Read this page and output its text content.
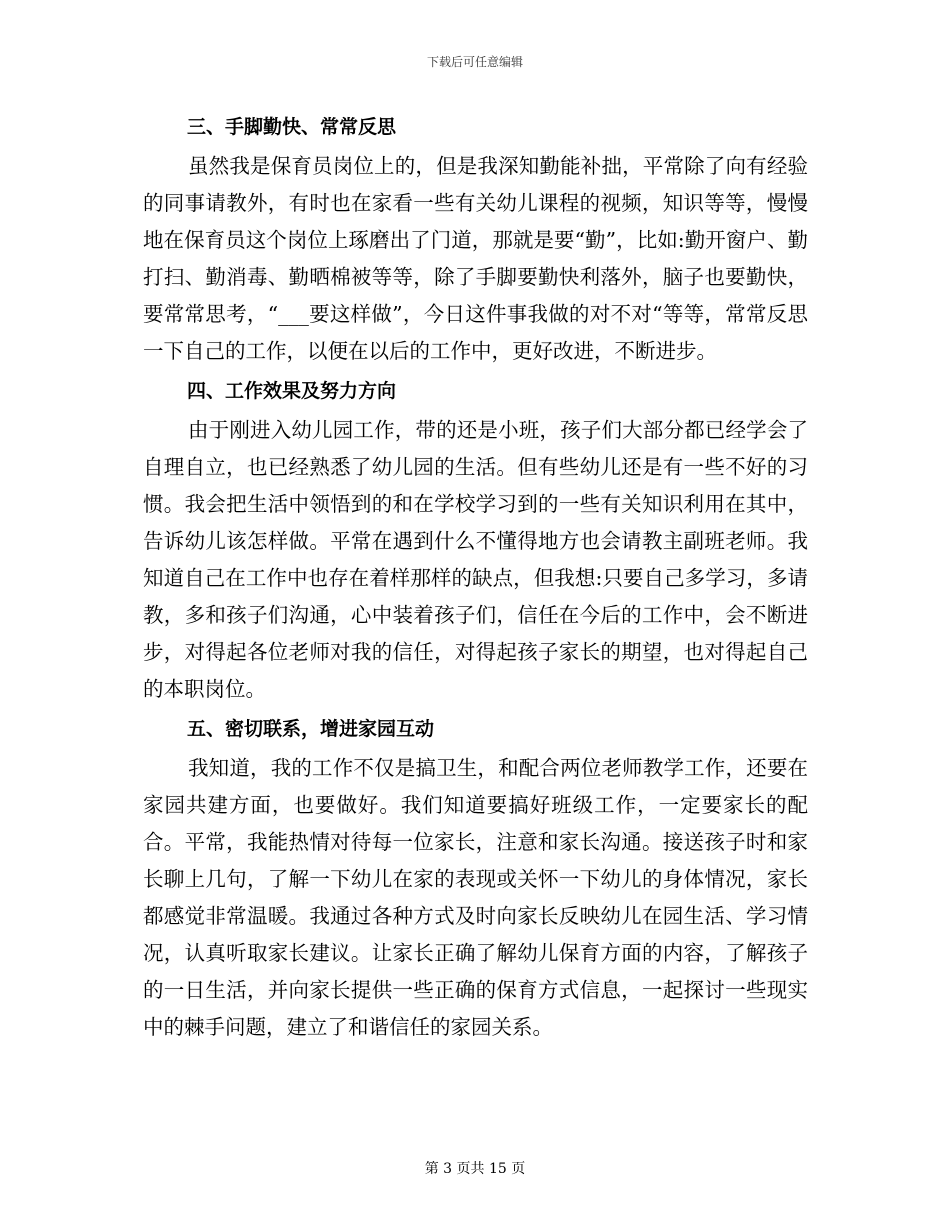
下载后可任意编辑
三、手脚勤快、常常反思
虽然我是保育员岗位上的，但是我深知勤能补拙，平常除了向有经验的同事请教外，有时也在家看一些有关幼儿课程的视频，知识等等，慢慢地在保育员这个岗位上琢磨出了门道，那就是要“勤”，比如:勤开窗户、勤打扫、勤消毒、勤晒棉被等等，除了手脚要勤快利落外，脑子也要勤快，要常常思考，“___要这样做”，今日这件事我做的对不对“等等，常常反思一下自己的工作，以便在以后的工作中，更好改进，不断进步。
四、工作效果及努力方向
由于刚进入幼儿园工作，带的还是小班，孩子们大部分都已经学会了自理自立，也已经熟悉了幼儿园的生活。但有些幼儿还是有一些不好的习惯。我会把生活中领悟到的和在学校学习到的一些有关知识利用在其中，告诉幼儿该怎样做。平常在遇到什么不懂得地方也会请教主副班老师。我知道自己在工作中也存在着样那样的缺点，但我想:只要自己多学习，多请教，多和孩子们沟通，心中装着孩子们，信任在今后的工作中，会不断进步，对得起各位老师对我的信任，对得起孩子家长的期望，也对得起自己的本职岗位。
五、密切联系，增进家园互动
我知道，我的工作不仅是搞卫生，和配合两位老师教学工作，还要在家园共建方面，也要做好。我们知道要搞好班级工作，一定要家长的配合。平常，我能热情对待每一位家长，注意和家长沟通。接送孩子时和家长聊上几句，了解一下幼儿在家的表现或关怀一下幼儿的身体情况，家长都感觉非常温暖。我通过各种方式及时向家长反映幼儿在园生活、学习情况，认真听取家长建议。让家长正确了解幼儿保育方面的内容，了解孩子的一日生活，并向家长提供一些正确的保育方式信息，一起探讨一些现实中的棘手问题，建立了和谐信任的家园关系。
第 3 页共 15 页
